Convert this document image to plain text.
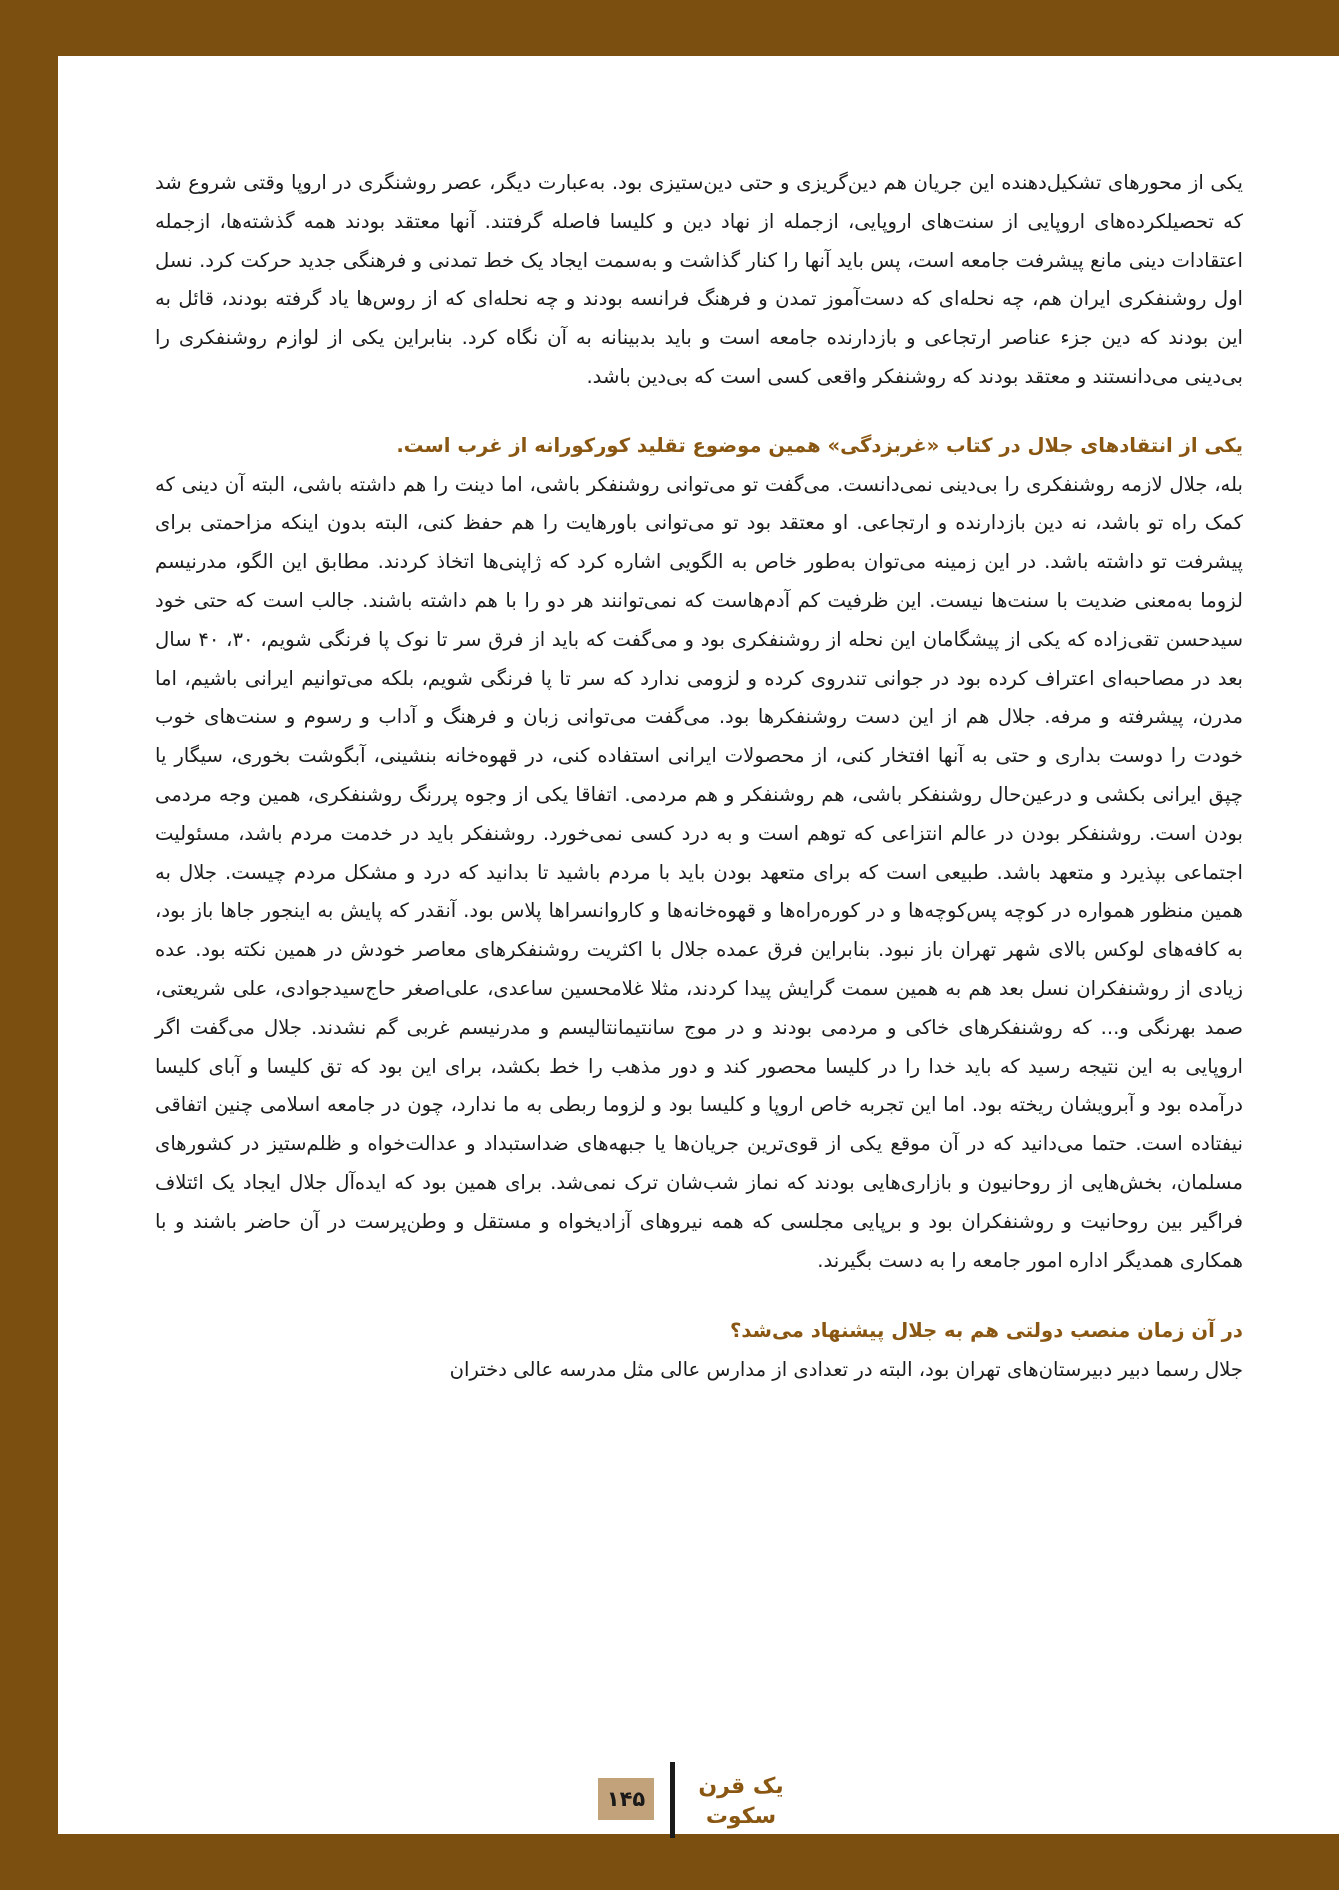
یکی از محورهای تشکیل‌دهنده این جریان هم دین‌گریزی و حتی دین‌ستیزی بود. به‌عبارت دیگر، عصر روشنگری در اروپا وقتی شروع شد که تحصیلکرده‌های اروپایی از سنت‌های اروپایی، ازجمله از نهاد دین و کلیسا فاصله گرفتند. آنها معتقد بودند همه گذشته‌ها، ازجمله اعتقادات دینی مانع پیشرفت جامعه است، پس باید آنها را کنار گذاشت و به‌سمت ایجاد یک خط تمدنی و فرهنگی جدید حرکت کرد. نسل اول روشنفکری ایران هم، چه نحله‌ای که دست‌آموز تمدن و فرهنگ فرانسه بودند و چه نحله‌ای که از روس‌ها یاد گرفته بودند، قائل به این بودند که دین جزء عناصر ارتجاعی و بازدارنده جامعه است و باید بدبینانه به آن نگاه کرد. بنابراین یکی از لوازم روشنفکری را بی‌دینی می‌دانستند و معتقد بودند که روشنفکر واقعی کسی است که بی‌دین باشد.

یکی از انتقادهای جلال در کتاب «غربزدگی» همین موضوع تقلید کورکورانه از غرب است.

بله، جلال لازمه روشنفکری را بی‌دینی نمی‌دانست. می‌گفت تو می‌توانی روشنفکر باشی، اما دینت را هم داشته باشی، البته آن دینی که کمک راه تو باشد، نه دین بازدارنده و ارتجاعی. او معتقد بود تو می‌توانی باورهایت را هم حفظ کنی، البته بدون اینکه مزاحمتی برای پیشرفت تو داشته باشد. در این زمینه می‌توان به‌طور خاص به الگویی اشاره کرد که ژاپنی‌ها اتخاذ کردند. مطابق این الگو، مدرنیسم لزوما به‌معنی ضدیت با سنت‌ها نیست. این ظرفیت کم آدم‌هاست که نمی‌توانند هر دو را با هم داشته باشند. جالب است که حتی خود سیدحسن تقی‌زاده که یکی از پیشگامان این نحله از روشنفکری بود و می‌گفت که باید از فرق سر تا نوک پا فرنگی شویم، ۳۰، ۴۰ سال بعد در مصاحبه‌ای اعتراف کرده بود در جوانی تندروی کرده و لزومی ندارد که سر تا پا فرنگی شویم، بلکه می‌توانیم ایرانی باشیم، اما مدرن، پیشرفته و مرفه. جلال هم از این دست روشنفکرها بود. می‌گفت می‌توانی زبان و فرهنگ و آداب و رسوم و سنت‌های خوب خودت را دوست بداری و حتی به آنها افتخار کنی، از محصولات ایرانی استفاده کنی، در قهوه‌خانه بنشینی، آبگوشت بخوری، سیگار یا چپق ایرانی بکشی و درعین‌حال روشنفکر باشی، هم روشنفکر و هم مردمی. اتفاقا یکی از وجوه پررنگ روشنفکری، همین وجه مردمی بودن است. روشنفکر بودن در عالم انتزاعی که توهم است و به درد کسی نمی‌خورد. روشنفکر باید در خدمت مردم باشد، مسئولیت اجتماعی بپذیرد و متعهد باشد. طبیعی است که برای متعهد بودن باید با مردم باشید تا بدانید که درد و مشکل مردم چیست. جلال به همین منظور همواره در کوچه پس‌کوچه‌ها و در کوره‌راه‌ها و قهوه‌خانه‌ها و کاروانسراها پلاس بود. آنقدر که پایش به اینجور جاها باز بود، به کافه‌های لوکس بالای شهر تهران باز نبود. بنابراین فرق عمده جلال با اکثریت روشنفکرهای معاصر خودش در همین نکته بود. عده زیادی از روشنفکران نسل بعد هم به همین سمت گرایش پیدا کردند، مثلا غلامحسین ساعدی، علی‌اصغر حاج‌سیدجوادی، علی شریعتی، صمد بهرنگی و... که روشنفکرهای خاکی و مردمی بودند و در موج سانتیمانتالیسم و مدرنیسم غربی گم نشدند. جلال می‌گفت اگر اروپایی به این نتیجه رسید که باید خدا را در کلیسا محصور کند و دور مذهب را خط بکشد، برای این بود که تق کلیسا و آبای کلیسا درآمده بود و آبرویشان ریخته بود. اما این تجربه خاص اروپا و کلیسا بود و لزوما ربطی به ما ندارد، چون در جامعه اسلامی چنین اتفاقی نیفتاده است. حتما می‌دانید که در آن موقع یکی از قوی‌ترین جریان‌ها یا جبهه‌های ضداستبداد و عدالت‌خواه و ظلم‌ستیز در کشورهای مسلمان، بخش‌هایی از روحانیون و بازاری‌هایی بودند که نماز شب‌شان ترک نمی‌شد. برای همین بود که ایده‌آل جلال ایجاد یک ائتلاف فراگیر بین روحانیت و روشنفکران بود و برپایی مجلسی که همه نیروهای آزادیخواه و مستقل و وطن‌پرست در آن حاضر باشند و با همکاری همدیگر اداره امور جامعه را به دست بگیرند.

در آن زمان منصب دولتی هم به جلال پیشنهاد می‌شد؟

جلال رسما دبیر دبیرستان‌های تهران بود، البته در تعدادی از مدارس عالی مثل مدرسه عالی دختران

۱۴۵	یک قرن
سکوت
